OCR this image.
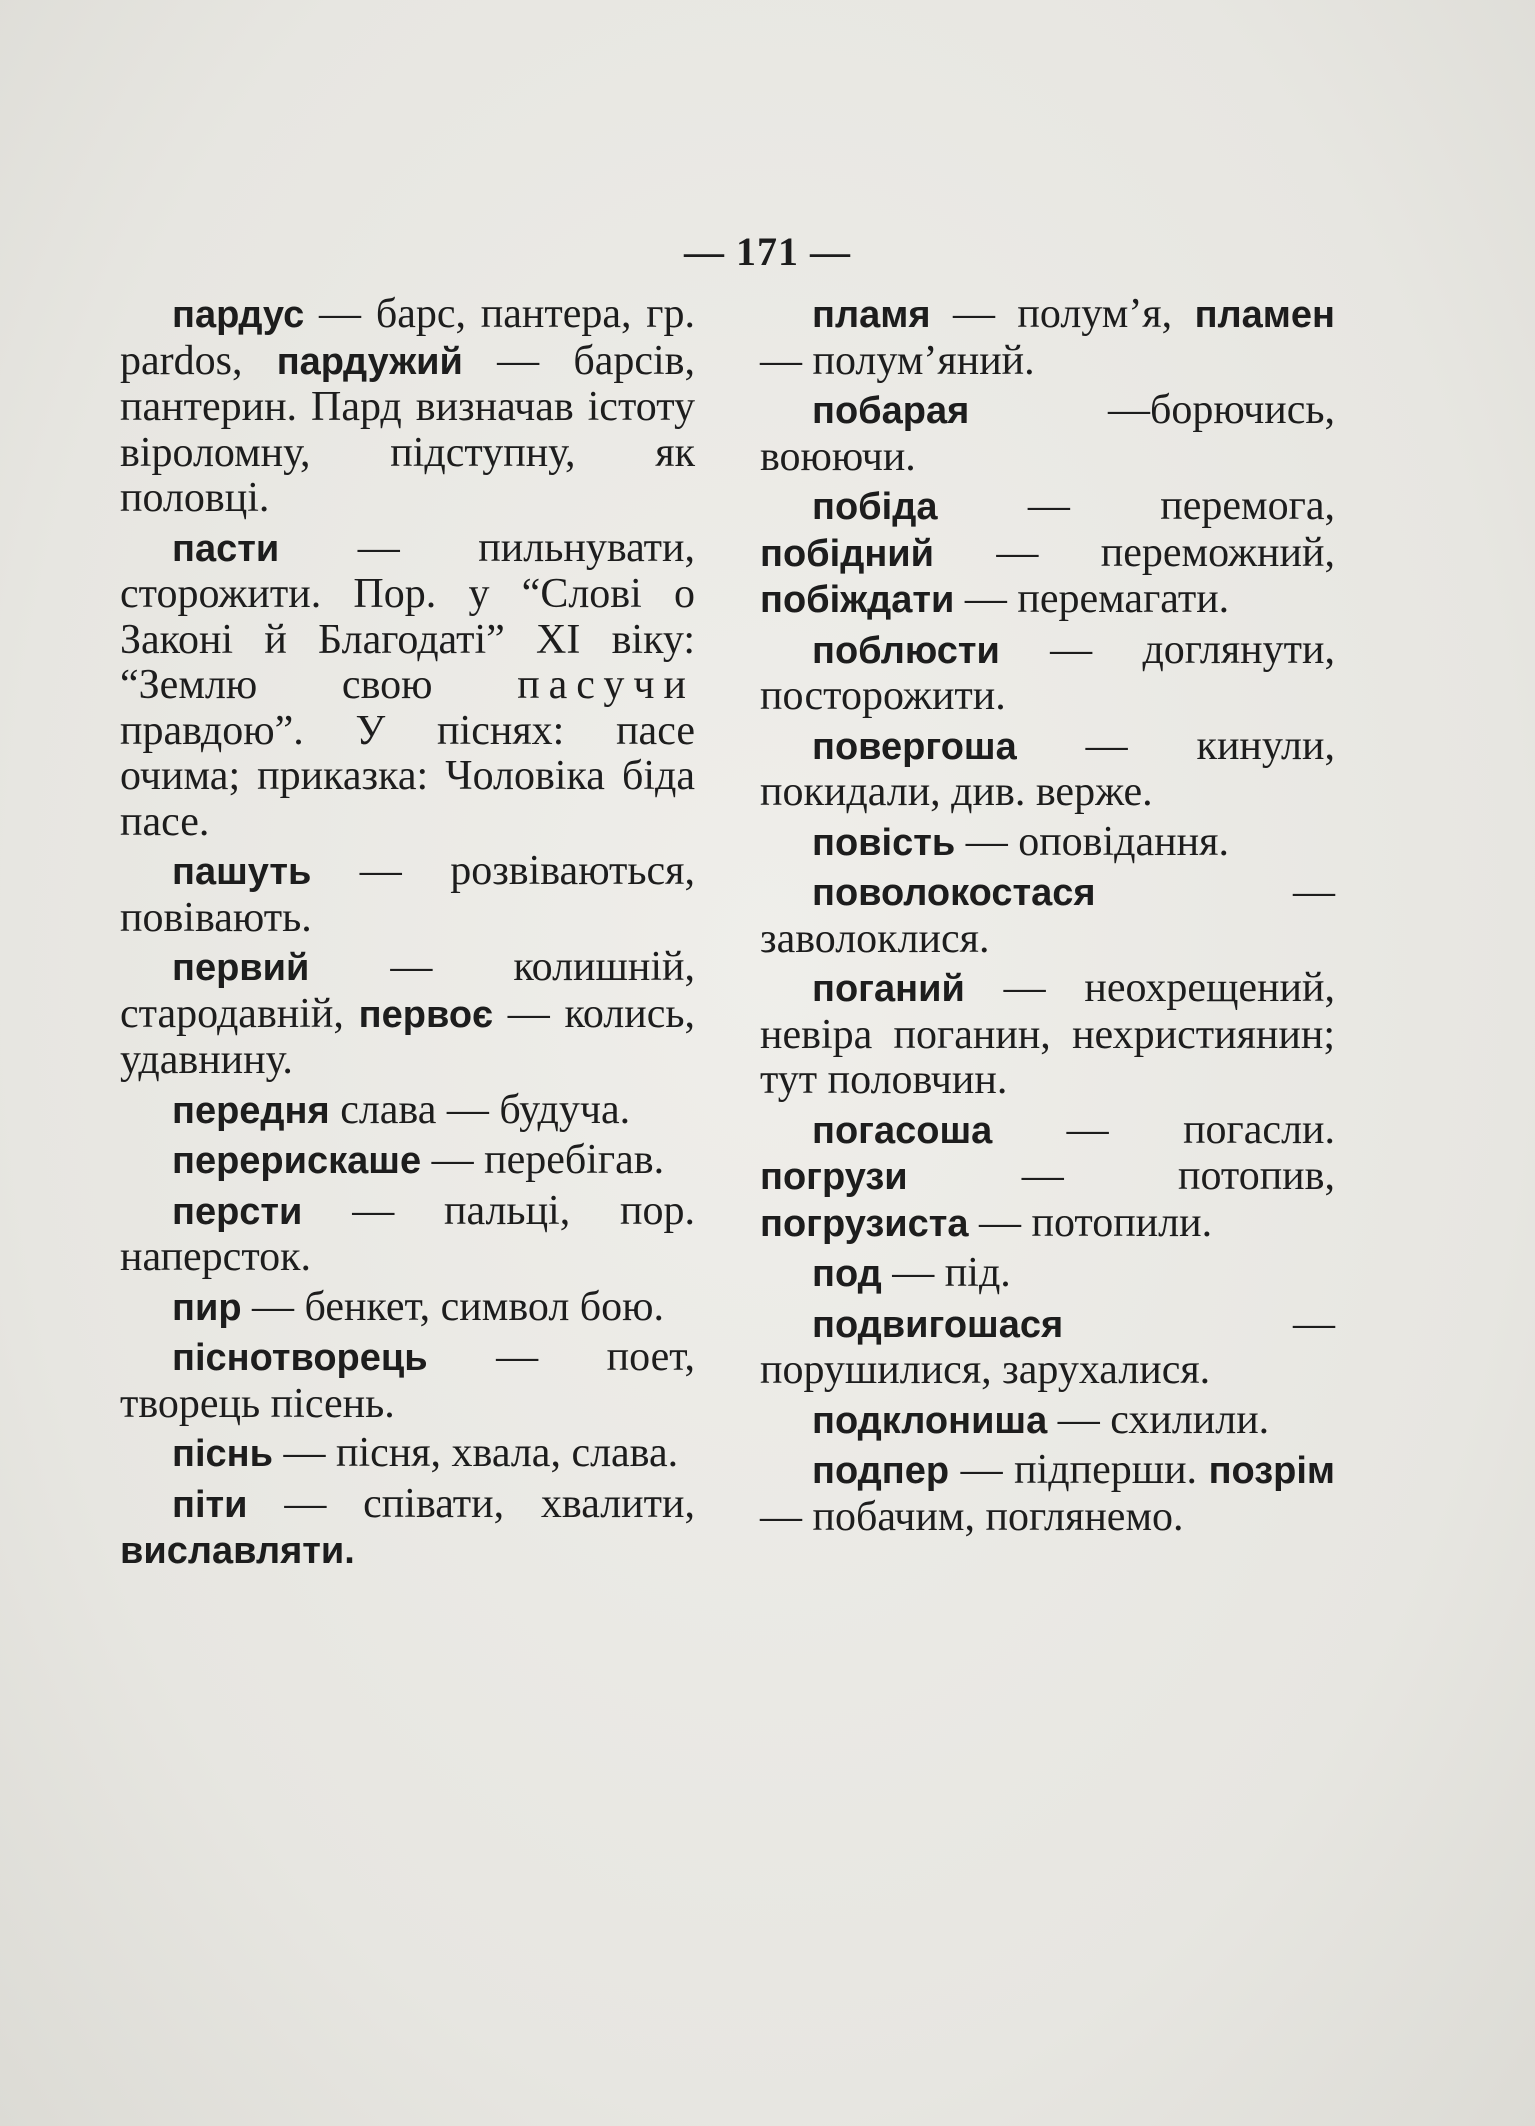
— 171 —

пардус — барс, пантера, гр. pardos, пардужий — барсів, пантерин. Пард визначав істоту віроломну, підступну, як половці.

пасти — пильнувати, сторожити. Пор. у “Слові о Законі й Благодаті” XI віку: “Землю свою пасучи правдою”. У піснях: пасе очима; приказка: Чоловіка біда пасе.

пашуть — розвіваються, повівають.

первий — колишній, стародавній, первоє — колись, удавнину.

передня слава — будуча.

перерискаше — перебігав.

персти — пальці, пор. наперсток.

пир — бенкет, символ бою.

піснотворець — поет, творець пісень.

піснь — пісня, хвала, слава.

піти — співати, хвалити, виславляти.

пламя — полум’я, пламен — полум’яний.

побарая —борючись, воюючи.

побіда — перемога, побідний — переможний, побіждати — перемагати.

поблюсти — доглянути, посторожити.

повергоша — кинули, покидали, див. верже.

повість — оповідання.

поволокостася — заволоклися.

поганий — неохрещений, невіра поганин, нехристиянин; тут половчин.

погасоша — погасли. погрузи — потопив, погрузиста — потопили.

под — під.

подвигошася — порушилися, зарухалися.

подклониша — схилили.

подпер — підперши. позрім — побачим, поглянемо.
